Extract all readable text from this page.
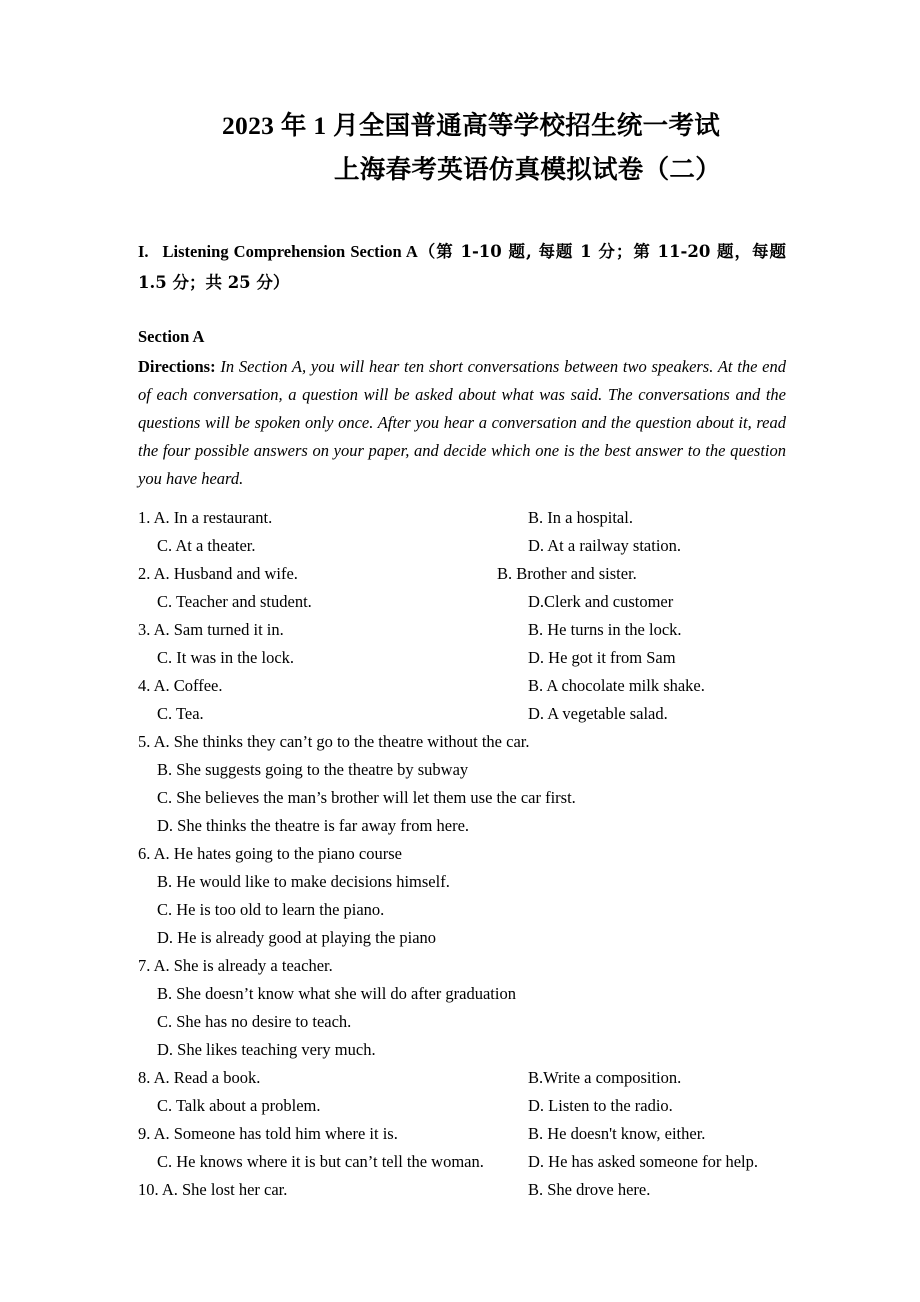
2023 年 1 月全国普通高等学校招生统一考试
上海春考英语仿真模拟试卷（二）
I. Listening Comprehension Section A（第 1-10 题, 每题 1 分；第 11-20 题，每题 1.5 分；共 25 分）
Section A
Directions: In Section A, you will hear ten short conversations between two speakers. At the end of each conversation, a question will be asked about what was said. The conversations and the questions will be spoken only once. After you hear a conversation and the question about it, read the four possible answers on your paper, and decide which one is the best answer to the question you have heard.
1. A. In a restaurant.	B. In a hospital.
C. At a theater.	D. At a railway station.
2. A. Husband and wife.	B. Brother and sister.
C. Teacher and student.	D.Clerk and customer
3. A. Sam turned it in.	B. He turns in the lock.
C. It was in the lock.	D. He got it from Sam
4. A. Coffee.	B. A chocolate milk shake.
C. Tea.	D. A vegetable salad.
5. A. She thinks they can’t go to the theatre without the car.
B. She suggests going to the theatre by subway
C. She believes the man’s brother will let them use the car first.
D. She thinks the theatre is far away from here.
6. A. He hates going to the piano course
B. He would like to make decisions himself.
C. He is too old to learn the piano.
D. He is already good at playing the piano
7. A. She is already a teacher.
B. She doesn’t know what she will do after graduation
C. She has no desire to teach.
D. She likes teaching very much.
8. A. Read a book.	B.Write a composition.
C. Talk about a problem.	D. Listen to the radio.
9. A. Someone has told him where it is.	B. He doesn't know, either.
C. He knows where it is but can’t tell the woman.	D. He has asked someone for help.
10. A. She lost her car.	B. She drove here.
